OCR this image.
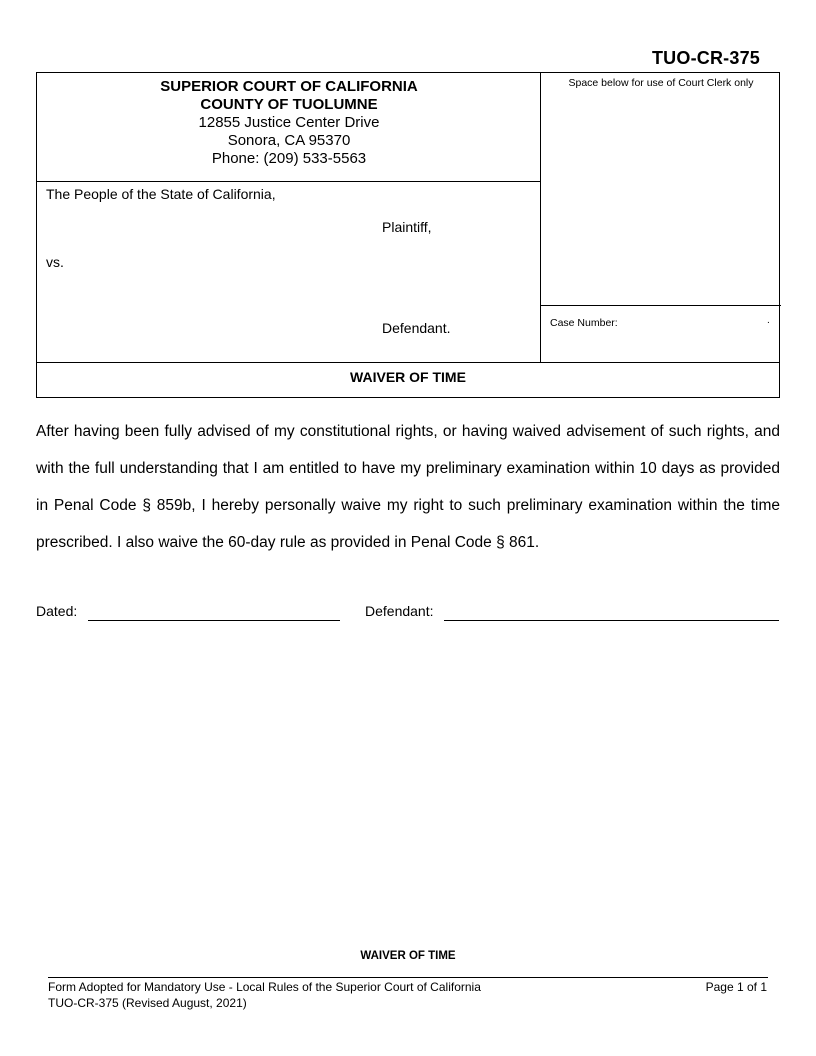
TUO-CR-375
SUPERIOR COURT OF CALIFORNIA
COUNTY OF TUOLUMNE
12855 Justice Center Drive
Sonora, CA 95370
Phone: (209) 533-5563
Space below for use of Court Clerk only
The People of the State of California,
Plaintiff,
vs.
Defendant.	Case Number:	.
WAIVER OF TIME

After having been fully advised of my constitutional rights, or having waived advisement of such rights, and with the full understanding that I am entitled to have my preliminary examination within 10 days as provided in Penal Code § 859b, I hereby personally waive my right to such preliminary examination within the time prescribed. I also waive the 60-day rule as provided in Penal Code § 861.

Dated:	Defendant:
WAIVER OF TIME
Form Adopted for Mandatory Use - Local Rules of the Superior Court of California	Page 1 of 1
TUO-CR-375 (Revised August, 2021)
